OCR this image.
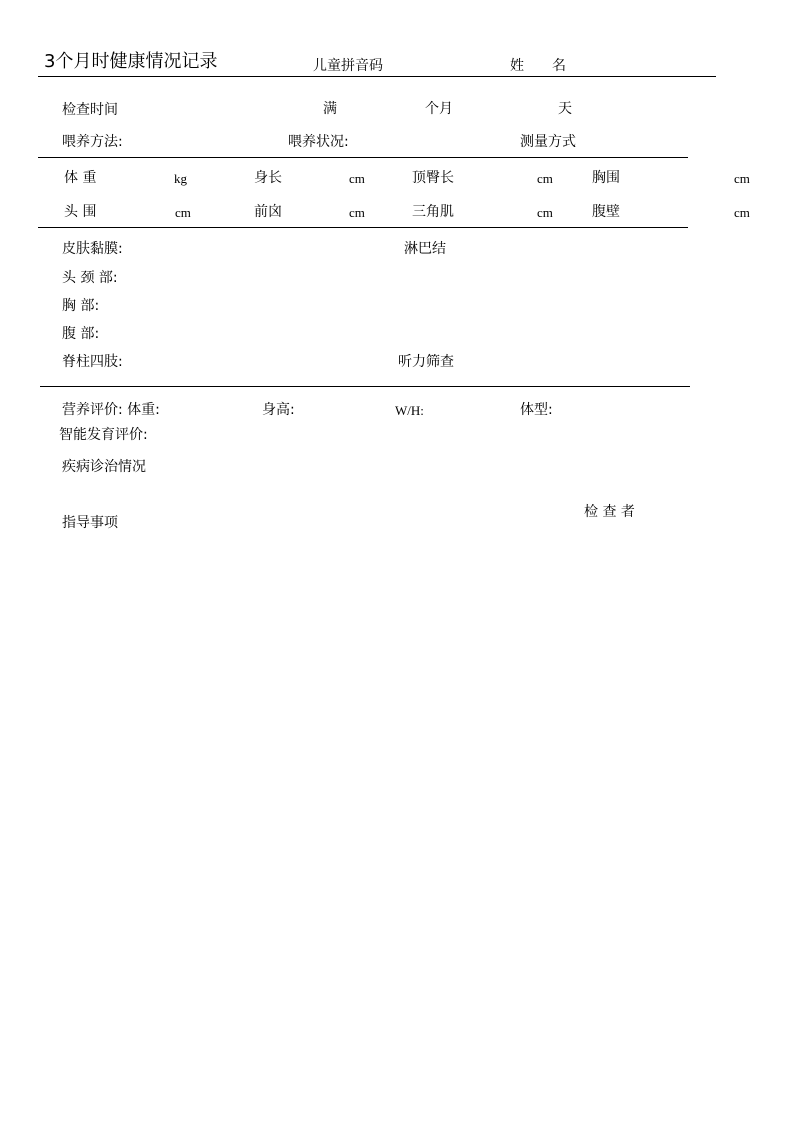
3个月时健康情况记录	儿童拼音码	姓　　名
检查时间	满	个月	天
喂养方法:	喂养状况:	测量方式
体 重	kg	身长	cm	顶臀长	cm	胸围	cm
头 围	cm	前囟	cm	三角肌	cm	腹壁	cm
皮肤黏膜:	淋巴结
头 颈 部:
胸 部:
腹 部:
脊柱四肢:	听力筛查
营养评价: 体重:	身高:	W/H:	体型:
智能发育评价:
疾病诊治情况
检 查 者
指导事项
